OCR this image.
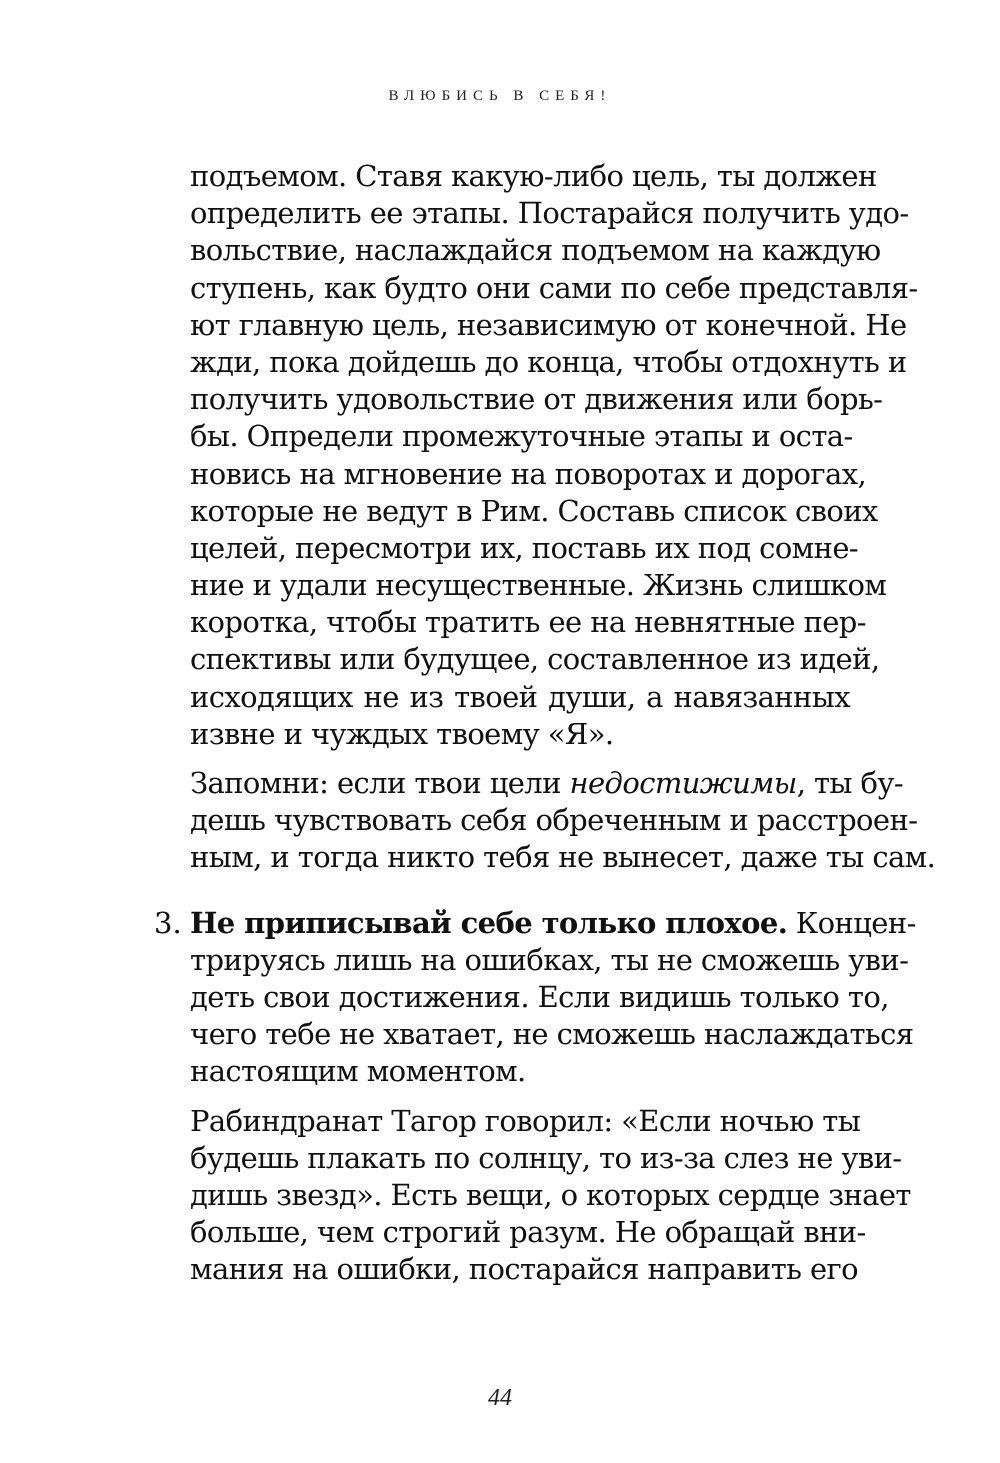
ВЛЮБИСЬ В СЕБЯ!
подъемом. Ставя какую-либо цель, ты должен
определить ее этапы. Постарайся получить удо-
вольствие, наслаждайся подъемом на каждую
ступень, как будто они сами по себе представля-
ют главную цель, независимую от конечной. Не
жди, пока дойдешь до конца, чтобы отдохнуть и
получить удовольствие от движения или борь-
бы. Определи промежуточные этапы и оста-
новись на мгновение на поворотах и дорогах,
которые не ведут в Рим. Составь список своих
целей, пересмотри их, поставь их под сомне-
ние и удали несущественные. Жизнь слишком
коротка, чтобы тратить ее на невнятные пер-
спективы или будущее, составленное из идей,
исходящих не из твоей души, а навязанных
извне и чуждых твоему «Я».
Запомни: если твои цели недостижимы, ты бу-
дешь чувствовать себя обреченным и расстроен-
ным, и тогда никто тебя не вынесет, даже ты сам.
3. Не приписывай себе только плохое. Концен-
трируясь лишь на ошибках, ты не сможешь уви-
деть свои достижения. Если видишь только то,
чего тебе не хватает, не сможешь наслаждаться
настоящим моментом.
Рабиндранат Тагор говорил: «Если ночью ты
будешь плакать по солнцу, то из-за слез не уви-
дишь звезд». Есть вещи, о которых сердце знает
больше, чем строгий разум. Не обращай вни-
мания на ошибки, постарайся направить его
44
